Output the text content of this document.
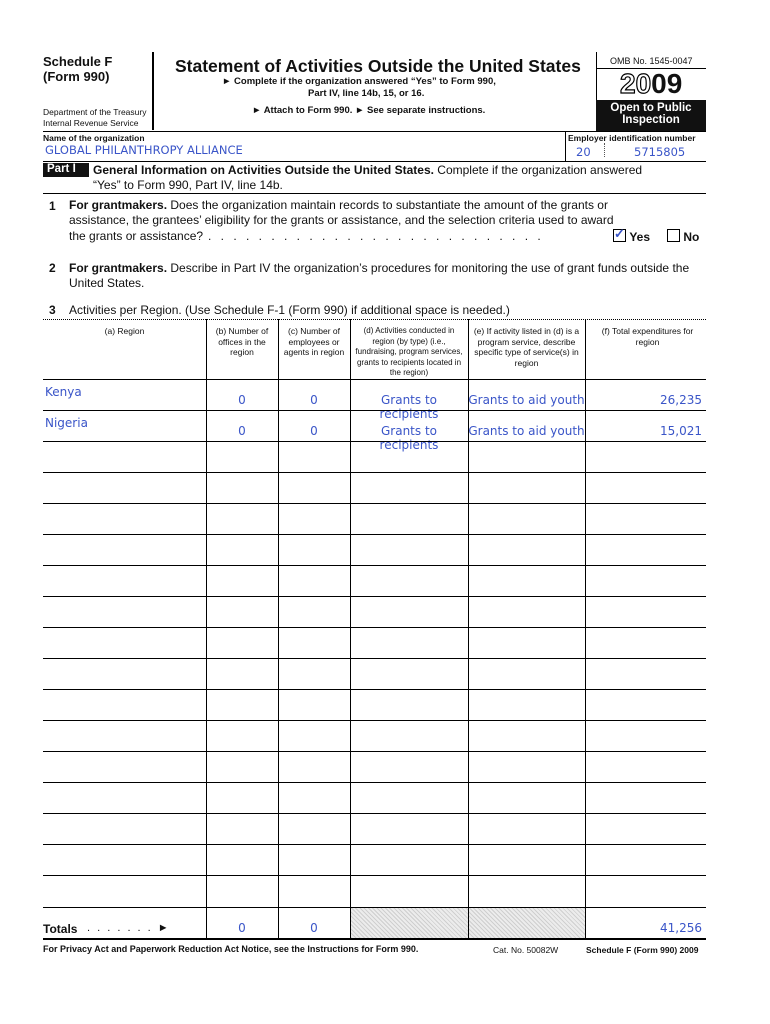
Schedule F
(Form 990)
Department of the Treasury
Internal Revenue Service
Statement of Activities Outside the United States
► Complete if the organization answered “Yes” to Form 990,
Part IV, line 14b, 15, or 16.
► Attach to Form 990. ► See separate instructions.
OMB No. 1545-0047
2009
Open to Public
Inspection
Name of the organization
GLOBAL PHILANTHROPY ALLIANCE
Employer identification number
20	5715805
Part I	General Information on Activities Outside the United States. Complete if the organization answered
“Yes” to Form 990, Part IV, line 14b.
1 For grantmakers. Does the organization maintain records to substantiate the amount of the grants or
assistance, the grantees’ eligibility for the grants or assistance, and the selection criteria used to award
the grants or assistance? . . . . . . . . . . . . . . . . . . . . . . . . . . .
✓	Yes	No
2 For grantmakers. Describe in Part IV the organization’s procedures for monitoring the use of grant funds outside the
United States.
3 Activities per Region. (Use Schedule F-1 (Form 990) if additional space is needed.)
(a) Region	(b) Number of offices in the region
(c) Number of employees or agents in region
(d) Activities conducted in region (by type) (i.e., fundraising, program services, grants to recipients located in the region)
(e) If activity listed in (d) is a program service, describe specific type of service(s) in region
(f) Total expenditures for region
Kenya
0	0	Grants to recipients
Grants to aid youth	26,235
Nigeria
0	0	Grants to recipients
Grants to aid youth	15,021
Totals . . . . . . . ►	0	0	41,256
For Privacy Act and Paperwork Reduction Act Notice, see the Instructions for Form 990.	Cat. No. 50082W	Schedule F (Form 990) 2009
